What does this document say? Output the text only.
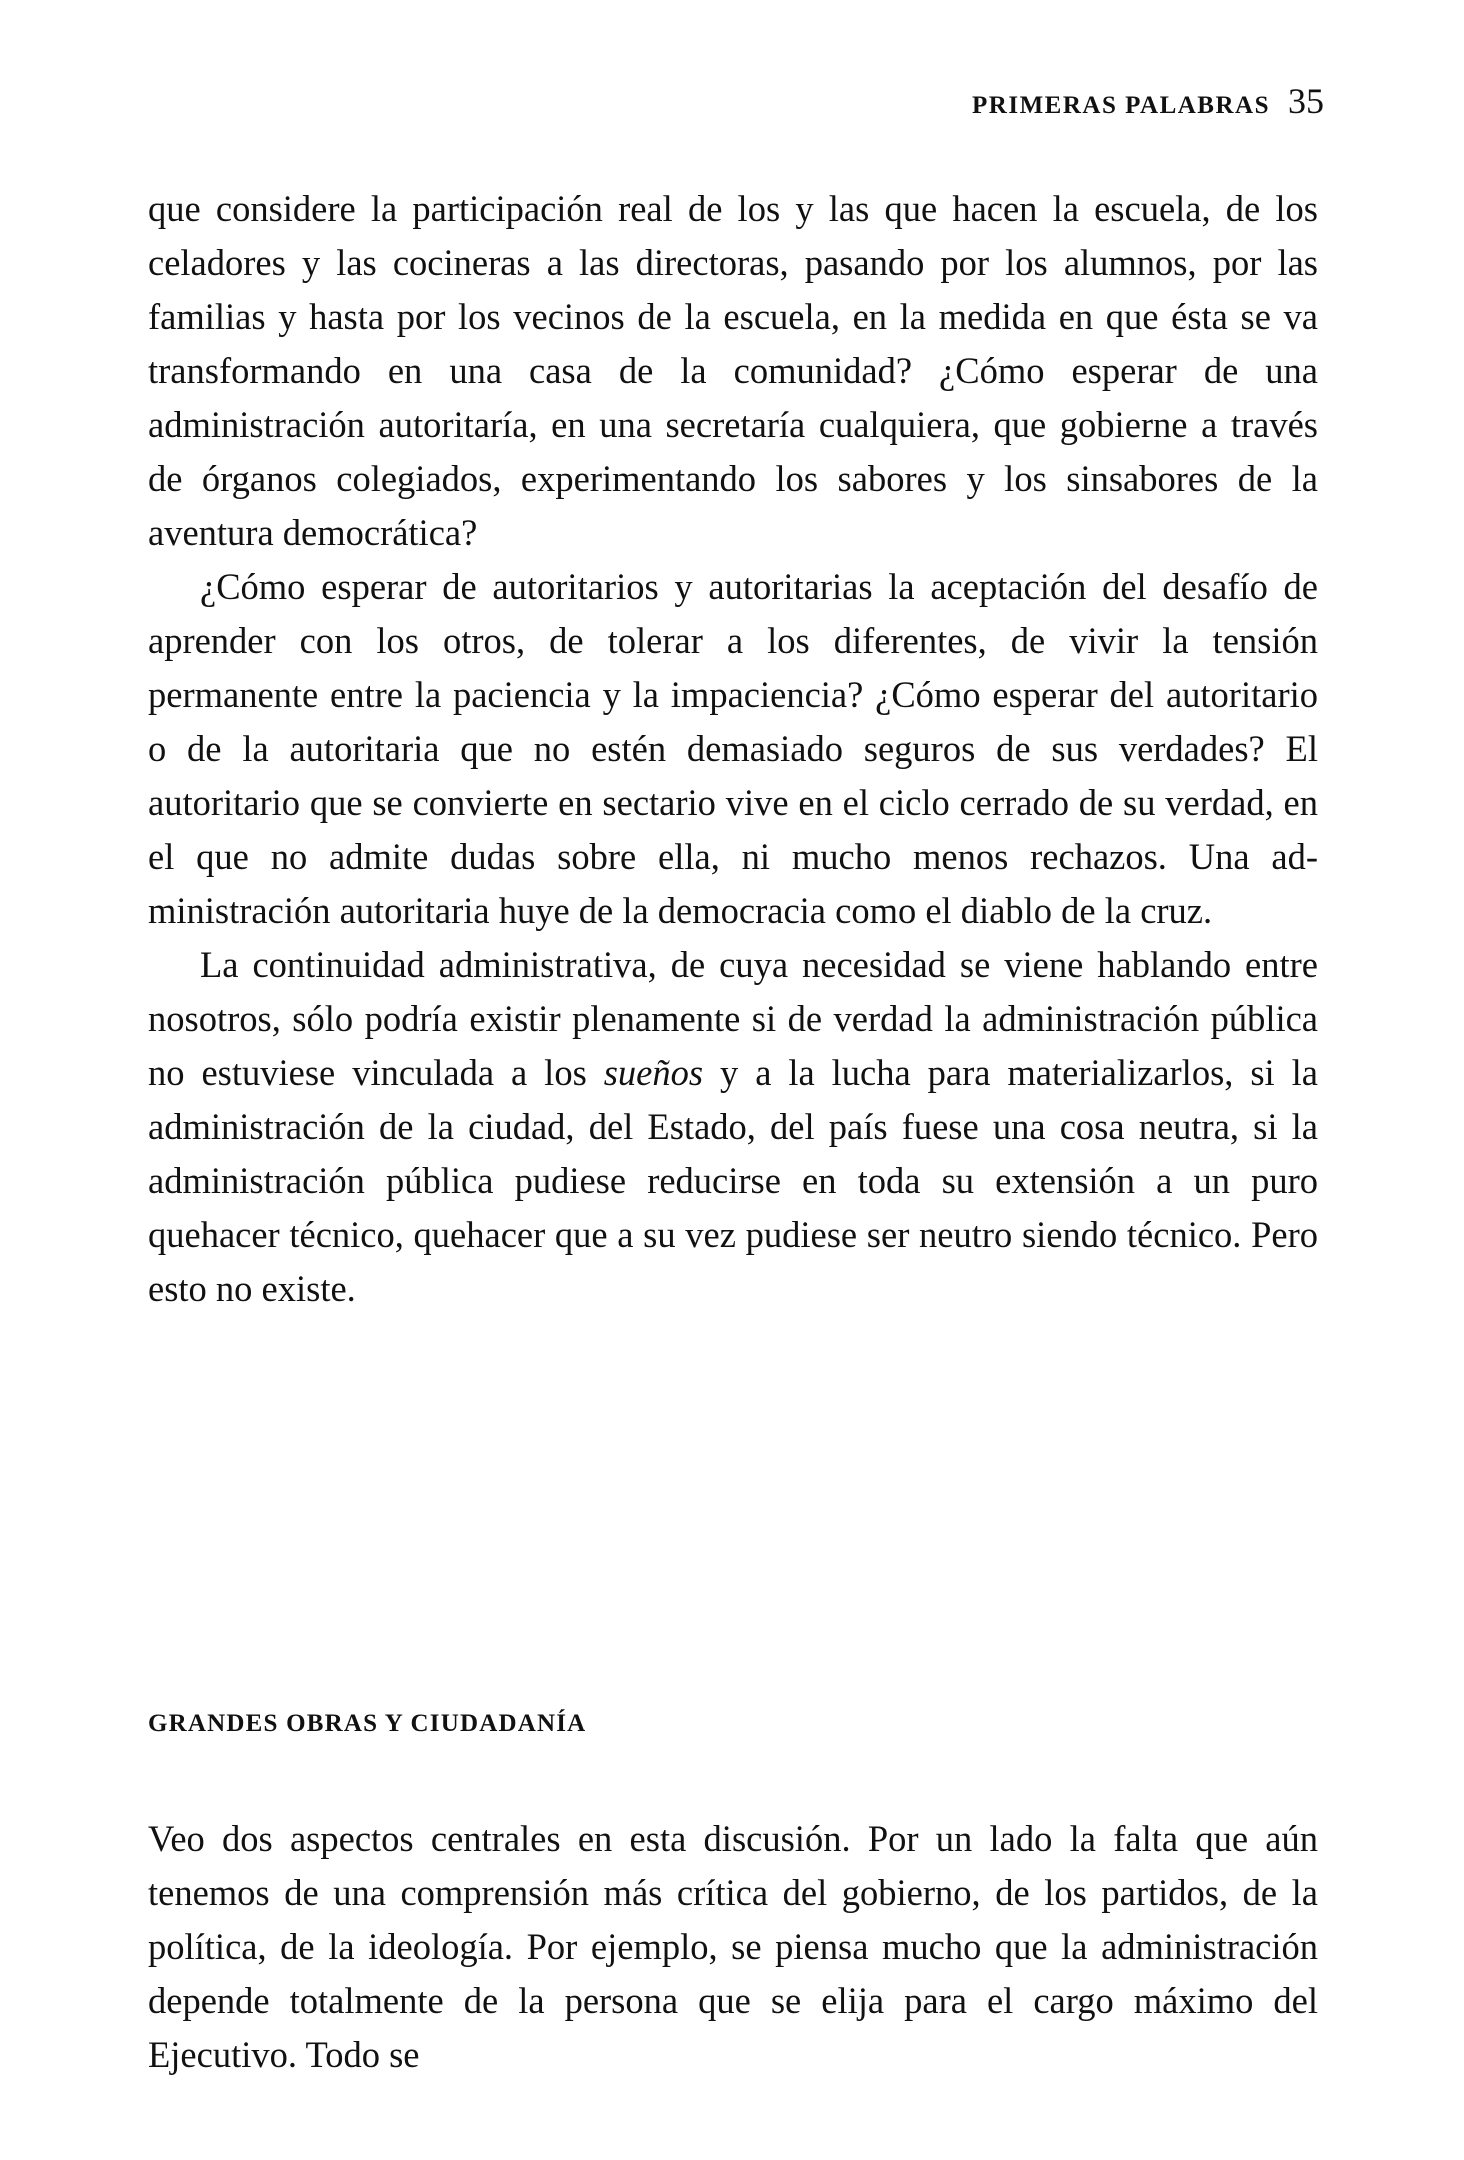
PRIMERAS PALABRAS 35

que considere la participación real de los y las que hacen la escuela, de los celadores y las cocineras a las directoras, pasando por los alumnos, por las familias y hasta por los vecinos de la escuela, en la medida en que ésta se va transformando en una casa de la comunidad? ¿Cómo esperar de una administración autoritaría, en una secretaría cualquiera, que gobierne a través de órganos colegiados, experimentando los sabores y los sinsabores de la aventura democrática?

¿Cómo esperar de autoritarios y autoritarias la aceptación del desafío de aprender con los otros, de tolerar a los diferentes, de vivir la tensión permanente entre la paciencia y la impaciencia? ¿Cómo esperar del autoritario o de la autoritaria que no estén demasiado seguros de sus verdades? El autoritario que se convierte en sectario vive en el ciclo cerrado de su verdad, en el que no admite dudas sobre ella, ni mucho menos rechazos. Una administración autoritaria huye de la democracia como el diablo de la cruz.

La continuidad administrativa, de cuya necesidad se viene hablando entre nosotros, sólo podría existir plenamente si de verdad la administración pública no estuviese vinculada a los sueños y a la lucha para materializarlos, si la administración de la ciudad, del Estado, del país fuese una cosa neutra, si la administración pública pudiese reducirse en toda su extensión a un puro quehacer técnico, quehacer que a su vez pudiese ser neutro siendo técnico. Pero esto no existe.

GRANDES OBRAS Y CIUDADANÍA

Veo dos aspectos centrales en esta discusión. Por un lado la falta que aún tenemos de una comprensión más crítica del gobierno, de los partidos, de la política, de la ideología. Por ejemplo, se piensa mucho que la administración depende totalmente de la persona que se elija para el cargo máximo del Ejecutivo. Todo se
